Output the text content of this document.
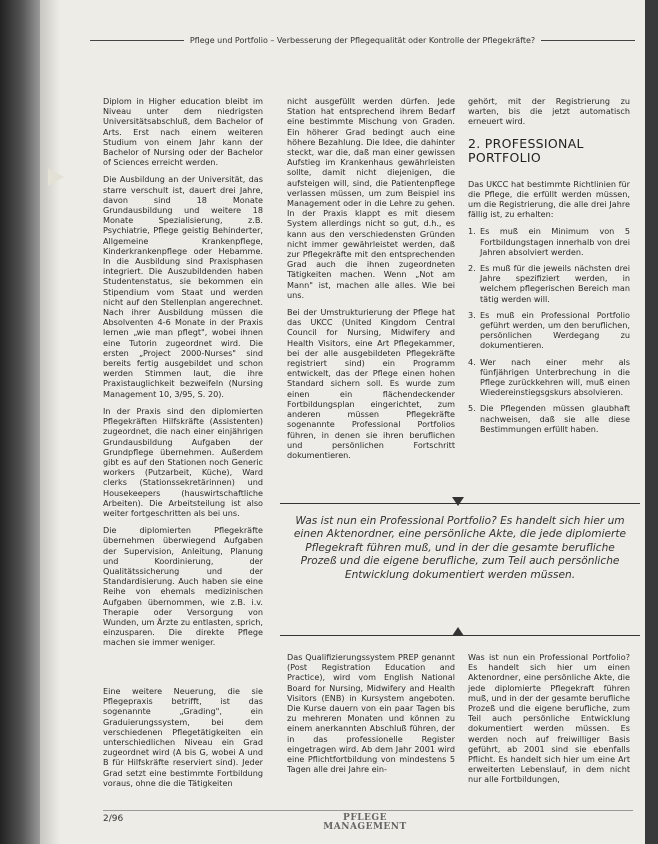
Pflege und Portfolio – Verbesserung der Pflegequalität oder Kontrolle der Pflegekräfte?

Diplom in Higher education bleibt im Niveau unter dem niedrigsten Universitätsabschluß, dem Bachelor of Arts. Erst nach einem weiteren Studium von einem Jahr kann der Bachelor of Nursing oder der Bachelor of Sciences erreicht werden.

Die Ausbildung an der Universität, das starre verschult ist, dauert drei Jahre, davon sind 18 Monate Grundausbildung und weitere 18 Monate Spezialisierung, z.B. Psychiatrie, Pflege geistig Behinderter, Allgemeine Krankenpflege, Kinderkrankenpflege oder Hebamme. In die Ausbildung sind Praxisphasen integriert. Die Auszubildenden haben Studentenstatus, sie bekommen ein Stipendium vom Staat und werden nicht auf den Stellenplan angerechnet. Nach ihrer Ausbildung müssen die Absolventen 4-6 Monate in der Praxis lernen „wie man pflegt", wobei ihnen eine Tutorin zugeordnet wird. Die ersten „Project 2000-Nurses" sind bereits fertig ausgebildet und schon werden Stimmen laut, die ihre Praxistauglichkeit bezweifeln (Nursing Management 10, 3/95, S. 20).

In der Praxis sind den diplomierten Pflegekräften Hilfskräfte (Assistenten) zugeordnet, die nach einer einjährigen Grundausbildung Aufgaben der Grundpflege übernehmen. Außerdem gibt es auf den Stationen noch Generic workers (Putzarbeit, Küche), Ward clerks (Stationssekretärinnen) und Housekeepers (hauswirtschaftliche Arbeiten). Die Arbeitsteilung ist also weiter fortgeschritten als bei uns.

Die diplomierten Pflegekräfte übernehmen überwiegend Aufgaben der Supervision, Anleitung, Planung und Koordinierung, der Qualitätssicherung und der Standardisierung. Auch haben sie eine Reihe von ehemals medizinischen Aufgaben übernommen, wie z.B. i.v. Therapie oder Versorgung von Wunden, um Ärzte zu entlasten, sprich, einzusparen. Die direkte Pflege machen sie immer weniger.

nicht ausgefüllt werden dürfen. Jede Station hat entsprechend ihrem Bedarf eine bestimmte Mischung von Graden. Ein höherer Grad bedingt auch eine höhere Bezahlung. Die Idee, die dahinter steckt, war die, daß man einer gewissen Aufstieg im Krankenhaus gewährleisten sollte, damit nicht diejenigen, die aufsteigen will, sind, die Patientenpflege verlassen müssen, um zum Beispiel ins Management oder in die Lehre zu gehen. In der Praxis klappt es mit diesem System allerdings nicht so gut, d.h., es kann aus den verschiedensten Gründen nicht immer gewährleistet werden, daß zur Pflegekräfte mit den entsprechenden Grad auch die ihnen zugeordneten Tätigkeiten machen. Wenn „Not am Mann" ist, machen alle alles. Wie bei uns.

Bei der Umstrukturierung der Pflege hat das UKCC (United Kingdom Central Council for Nursing, Midwifery and Health Visitors, eine Art Pflegekammer, bei der alle ausgebildeten Pflegekräfte registriert sind) ein Programm entwickelt, das der Pflege einen hohen Standard sichern soll. Es wurde zum einen ein flächendeckender Fortbildungsplan eingerichtet, zum anderen müssen Pflegekräfte sogenannte Professional Portfolios führen, in denen sie ihren beruflichen und persönlichen Fortschritt dokumentieren.

gehört, mit der Registrierung zu warten, bis die jetzt automatisch erneuert wird.

2. PROFESSIONAL PORTFOLIO

Das UKCC hat bestimmte Richtlinien für die Pflege, die erfüllt werden müssen, um die Registrierung, die alle drei Jahre fällig ist, zu erhalten:

1. Es muß ein Minimum von 5 Fortbildungstagen innerhalb von drei Jahren absolviert werden.
2. Es muß für die jeweils nächsten drei Jahre spezifiziert werden, in welchem pflegerischen Bereich man tätig werden will.
3. Es muß ein Professional Portfolio geführt werden, um den beruflichen, persönlichen Werdegang zu dokumentieren.
4. Wer nach einer mehr als fünfjährigen Unterbrechung in die Pflege zurückkehren will, muß einen Wiedereinstiegsgskurs absolvieren.
5. Die Pflegenden müssen glaubhaft nachweisen, daß sie alle diese Bestimmungen erfüllt haben.
Was ist nun ein Professional Portfolio? Es handelt sich hier um einen Aktenordner, eine persönliche Akte, die jede diplomierte Pflegekraft führen muß, und in der die gesamte berufliche Prozeß und die eigene berufliche, zum Teil auch persönliche Entwicklung dokumentiert werden müssen.

Das Qualifizierungssystem PREP genannt (Post Registration Education and Practice), wird vom English National Board for Nursing, Midwifery and Health Visitors (ENB) in Kursystem angeboten. Die Kurse dauern von ein paar Tagen bis zu mehreren Monaten und können zu einem anerkannten Abschluß führen, der in das professionelle Register eingetragen wird. Ab dem Jahr 2001 wird eine Pflichtfortbildung von mindestens 5 Tagen alle drei Jahre ein-

Was ist nun ein Professional Portfolio? Es handelt sich hier um einen Aktenordner, eine persönliche Akte, die jede diplomierte Pflegekraft führen muß, und in der der gesamte berufliche Prozeß und die eigene berufliche, zum Teil auch persönliche Entwicklung dokumentiert werden müssen. Es werden noch auf freiwilliger Basis geführt, ab 2001 sind sie ebenfalls Pflicht. Es handelt sich hier um eine Art erweiterten Lebenslauf, in dem nicht nur alle Fortbildungen,

Eine weitere Neuerung, die sie Pflegepraxis betrifft, ist das sogenannte „Grading", ein Graduierungssystem, bei dem verschiedenen Pflegetätigkeiten ein unterschiedlichen Niveau ein Grad zugeordnet wird (A bis G, wobei A und B für Hilfskräfte reserviert sind). Jeder Grad setzt eine bestimmte Fortbildung voraus, ohne die die Tätigkeiten

2/96	PFLEGE
MANAGEMENT
